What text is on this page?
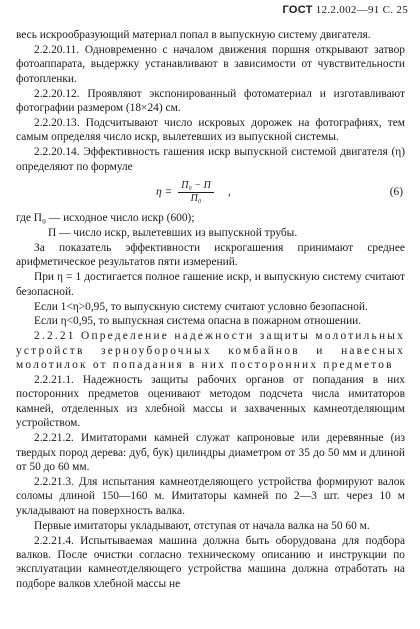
ГОСТ 12.2.002—91 С. 25

весь искрообразующий материал попал в выпускную систему двигателя.

2.2.20.11. Одновременно с началом движения поршня открывают затвор фотоаппарата, выдержку устанавливают в зависимости от чувствительности фотопленки.

2.2.20.12. Проявляют экспонированный фотоматериал и изготавливают фотографии размером (18×24) см.

2.2.20.13. Подсчитывают число искровых дорожек на фотографиях, тем самым определяя число искр, вылетевших из выпускной системы.

2.2.20.14. Эффективность гашения искр выпускной системой двигателя (η) определяют по формуле

$\eta = \frac{\text{П₀ − П}}{\text{П₀}}$ ,	(6)

где П₀ — исходное число искр (600);

П — число искр, вылетевших из выпускной трубы.

За показатель эффективности искрогашения принимают среднее арифметическое результатов пяти измерений.

При η = 1 достигается полное гашение искр, и выпускную систему считают безопасной.

Если 1<η>0,95, то выпускную систему считают условно безопасной.

Если η<0,95, то выпускная система опасна в пожарном отношении.

2.2.21 Определение надежности защиты молотильных устройств зерноуборочных комбайнов и навесных молотилок от попадания в них посторонних предметов

2.2.21.1. Надежность защиты рабочих органов от попадания в них посторонних предметов оценивают методом подсчета числа имитаторов камней, отделенных из хлебной массы и захваченных камнеотделяющим устройством.

2.2.21.2. Имитаторами камней служат капроновые или деревянные (из твердых пород дерева: дуб, бук) цилиндры диаметром от 35 до 50 мм и длиной от 50 до 60 мм.

2.2.21.3. Для испытания камнеотделяющего устройства формируют валок соломы длиной 150—160 м. Имитаторы камней по 2—3 шт. через 10 м укладывают на поверхность валка.

Первые имитаторы укладывают, отступая от начала валка на 50 60 м.

2.2.21.4. Испытываемая машина должна быть оборудована для подбора валков. После очистки согласно техническому описанию и инструкции по эксплуатации камнеотделяющего устройства машина должна отработать на подборе валков хлебной массы не
